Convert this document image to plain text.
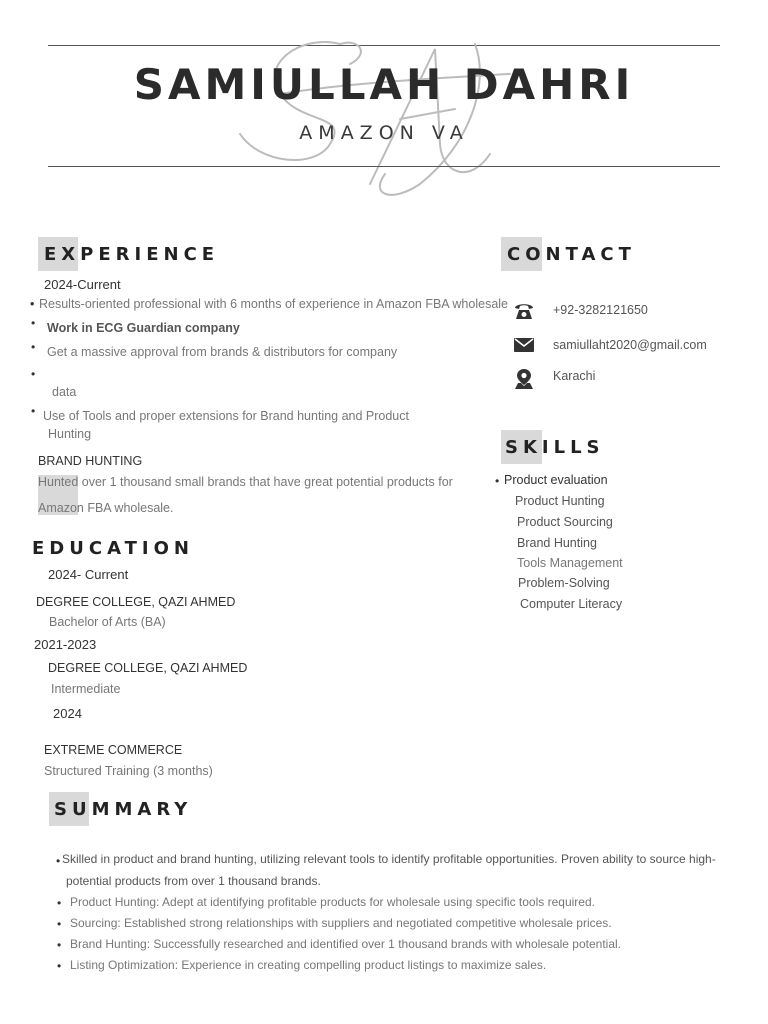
SAMIULLAH DAHRI
AMAZON VA
EXPERIENCE
2024-Current
• Results-oriented professional with 6 months of experience in Amazon FBA wholesale
Work in ECG Guardian company
•
Get a massive approval from brands & distributors for company
•
•
data
• Use of Tools and proper extensions for Brand hunting and Product
Hunting
BRAND HUNTING
Hunted over 1 thousand small brands that have great potential products for
Amazon FBA wholesale.
EDUCATION
2024- Current
DEGREE COLLEGE, QAZI AHMED
Bachelor of Arts (BA)
2021-2023
DEGREE COLLEGE, QAZI AHMED
Intermediate
2024
EXTREME COMMERCE
Structured Training (3 months)
CONTACT
+92-3282121650
samiullaht2020@gmail.com
Karachi
SKILLS
• Product evaluation
Product Hunting
Product Sourcing
Brand Hunting
Tools Management
Problem-Solving
Computer Literacy
SUMMARY
• Skilled in product and brand hunting, utilizing relevant tools to identify profitable opportunities. Proven ability to source high-
potential products from over 1 thousand brands.
• Product Hunting: Adept at identifying profitable products for wholesale using specific tools required.
• Sourcing: Established strong relationships with suppliers and negotiated competitive wholesale prices.
• Brand Hunting: Successfully researched and identified over 1 thousand brands with wholesale potential.
• Listing Optimization: Experience in creating compelling product listings to maximize sales.
